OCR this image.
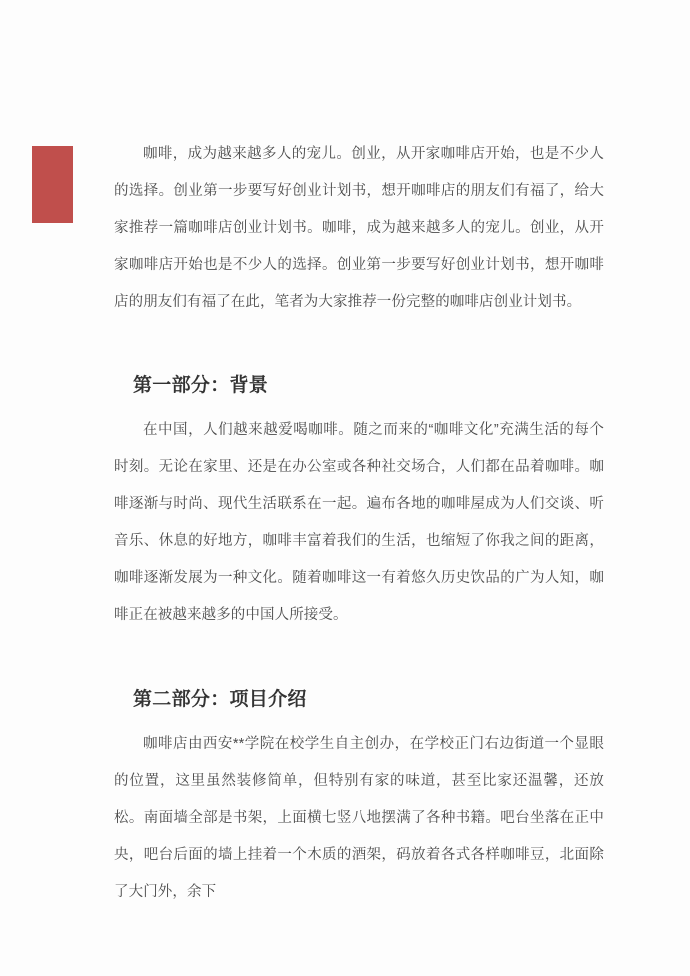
咖啡，成为越来越多人的宠儿。创业，从开家咖啡店开始，也是不少人的选择。创业第一步要写好创业计划书，想开咖啡店的朋友们有福了，给大家推荐一篇咖啡店创业计划书。咖啡，成为越来越多人的宠儿。创业，从开家咖啡店开始也是不少人的选择。创业第一步要写好创业计划书，想开咖啡店的朋友们有福了在此，笔者为大家推荐一份完整的咖啡店创业计划书。

第一部分：背景

在中国，人们越来越爱喝咖啡。随之而来的“咖啡文化”充满生活的每个时刻。无论在家里、还是在办公室或各种社交场合，人们都在品着咖啡。咖啡逐渐与时尚、现代生活联系在一起。遍布各地的咖啡屋成为人们交谈、听音乐、休息的好地方，咖啡丰富着我们的生活，也缩短了你我之间的距离，咖啡逐渐发展为一种文化。随着咖啡这一有着悠久历史饮品的广为人知，咖啡正在被越来越多的中国人所接受。

第二部分：项目介绍

咖啡店由西安**学院在校学生自主创办，在学校正门右边街道一个显眼的位置，这里虽然装修简单，但特别有家的味道，甚至比家还温馨，还放松。南面墙全部是书架，上面横七竖八地摆满了各种书籍。吧台坐落在正中央，吧台后面的墙上挂着一个木质的酒架，码放着各式各样咖啡豆，北面除了大门外，余下
